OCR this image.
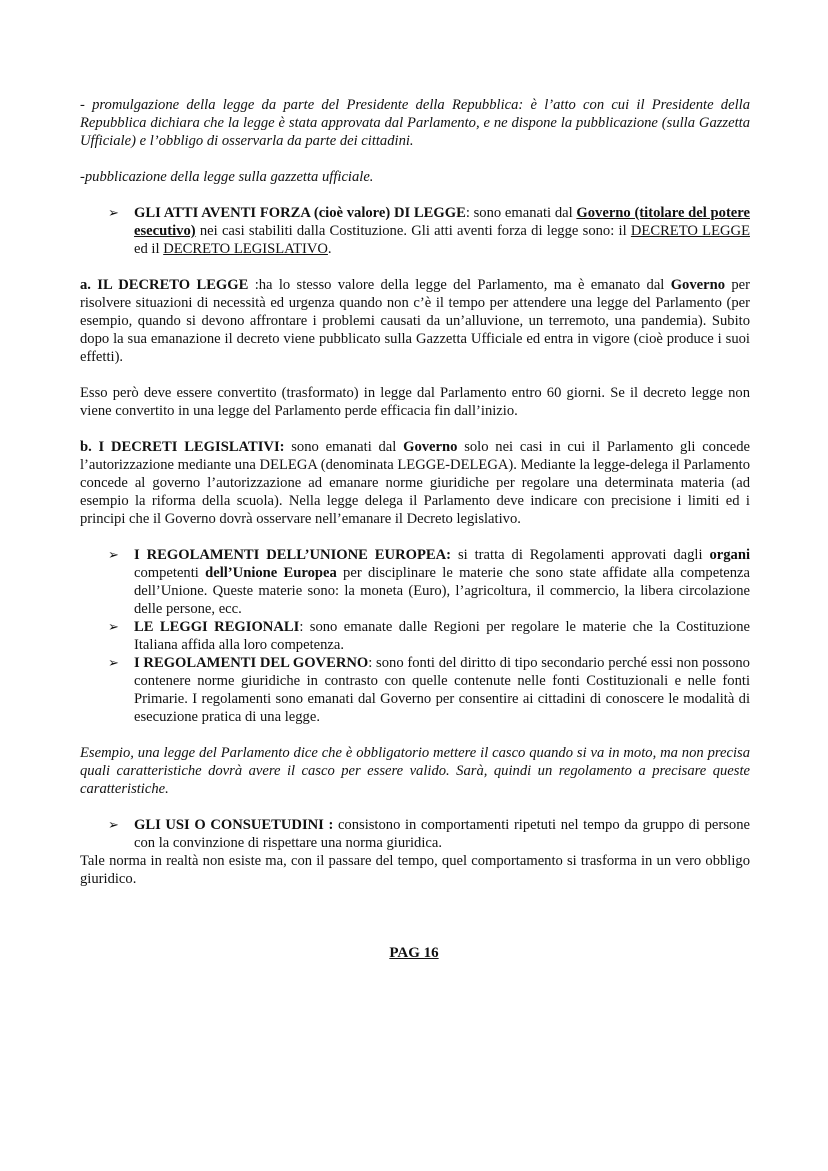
- promulgazione della legge da parte del Presidente della Repubblica: è l’atto con cui il Presidente della Repubblica dichiara che la legge è stata approvata dal Parlamento, e ne dispone la pubblicazione (sulla Gazzetta Ufficiale) e l’obbligo di osservarla da parte dei cittadini.

-pubblicazione della legge sulla gazzetta ufficiale.

➢ GLI ATTI AVENTI FORZA (cioè valore) DI LEGGE: sono emanati dal Governo (titolare del potere esecutivo) nei casi stabiliti dalla Costituzione. Gli atti aventi forza di legge sono: il DECRETO LEGGE ed il DECRETO LEGISLATIVO.

a. IL DECRETO LEGGE :ha lo stesso valore della legge del Parlamento, ma è emanato dal Governo per risolvere situazioni di necessità ed urgenza quando non c’è il tempo per attendere una legge del Parlamento (per esempio, quando si devono affrontare i problemi causati da un’alluvione, un terremoto, una pandemia). Subito dopo la sua emanazione il decreto viene pubblicato sulla Gazzetta Ufficiale ed entra in vigore (cioè produce i suoi effetti).

Esso però deve essere convertito (trasformato) in legge dal Parlamento entro 60 giorni. Se il decreto legge non viene convertito in una legge del Parlamento perde efficacia fin dall’inizio.

b. I DECRETI LEGISLATIVI: sono emanati dal Governo solo nei casi in cui il Parlamento gli concede l’autorizzazione mediante una DELEGA (denominata LEGGE-DELEGA). Mediante la legge-delega il Parlamento concede al governo l’autorizzazione ad emanare norme giuridiche per regolare una determinata materia (ad esempio la riforma della scuola). Nella legge delega il Parlamento deve indicare con precisione i limiti ed i principi che il Governo dovrà osservare nell’emanare il Decreto legislativo.

➢ I REGOLAMENTI DELL’UNIONE EUROPEA: si tratta di Regolamenti approvati dagli organi competenti dell’Unione Europea per disciplinare le materie che sono state affidate alla competenza dell’Unione. Queste materie sono: la moneta (Euro), l’agricoltura, il commercio, la libera circolazione delle persone, ecc.

➢ LE LEGGI REGIONALI: sono emanate dalle Regioni per regolare le materie che la Costituzione Italiana affida alla loro competenza.

➢ I REGOLAMENTI DEL GOVERNO: sono fonti del diritto di tipo secondario perché essi non possono contenere norme giuridiche in contrasto con quelle contenute nelle fonti Costituzionali e nelle fonti Primarie. I regolamenti sono emanati dal Governo per consentire ai cittadini di conoscere le modalità di esecuzione pratica di una legge.

Esempio, una legge del Parlamento dice che è obbligatorio mettere il casco quando si va in moto, ma non precisa quali caratteristiche dovrà avere il casco per essere valido. Sarà, quindi un regolamento a precisare queste caratteristiche.

➢ GLI USI O CONSUETUDINI : consistono in comportamenti ripetuti nel tempo da gruppo di persone con la convinzione di rispettare una norma giuridica.

Tale norma in realtà non esiste ma, con il passare del tempo, quel comportamento si trasforma in un vero obbligo giuridico.

PAG 16
